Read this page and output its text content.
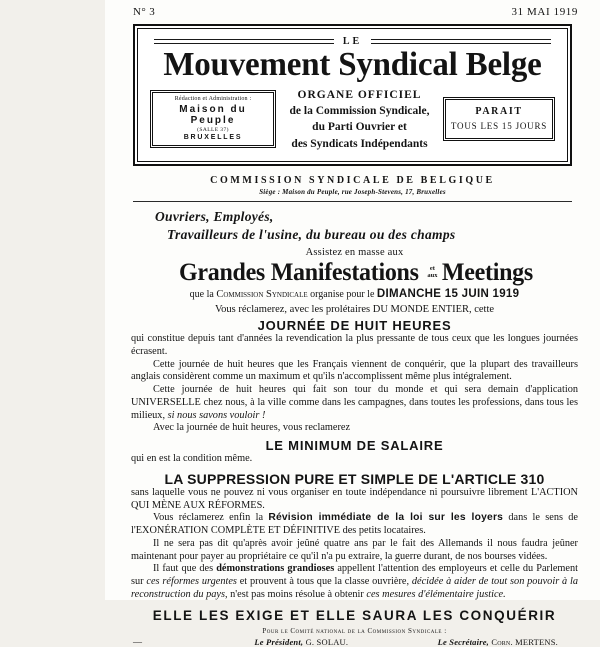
N° 3	31 MAI 1919
LE
Mouvement Syndical Belge
Rédaction et Administration :
Maison du Peuple
(SALLE 37)
BRUXELLES
ORGANE OFFICIEL
de la Commission Syndicale,
du Parti Ouvrier et
des Syndicats Indépendants
PARAIT
TOUS LES 15 JOURS
COMMISSION SYNDICALE DE BELGIQUE
Siège : Maison du Peuple, rue Joseph-Stevens, 17, Bruxelles
Ouvriers, Employés,
Travailleurs de l'usine, du bureau ou des champs
Assistez en masse aux
Grandes Manifestations	et
aux Meetings
que la Commission Syndicale organise pour le DIMANCHE 15 JUIN 1919
Vous réclamerez, avec les prolétaires DU MONDE ENTIER, cette
JOURNÉE DE HUIT HEURES

qui constitue depuis tant d'années la revendication la plus pressante de tous ceux que les longues journées écrasent.

Cette journée de huit heures que les Français viennent de conquérir, que la plupart des travailleurs anglais considèrent comme un maximum et qu'ils n'accomplissent même plus intégralement.

Cette journée de huit heures qui fait son tour du monde et qui sera demain d'application UNIVERSELLE chez nous, à la ville comme dans les campagnes, dans toutes les professions, dans tous les milieux, si nous savons vouloir !

Avec la journée de huit heures, vous reclamerez

LE MINIMUM DE SALAIRE

qui en est la condition même.

LA SUPPRESSION PURE ET SIMPLE DE L'ARTICLE 310

sans laquelle vous ne pouvez ni vous organiser en toute indépendance ni poursuivre librement L'ACTION QUI MÈNE AUX RÉFORMES.

Vous réclamerez enfin la Révision immédiate de la loi sur les loyers dans le sens de l'EXONÉRATION COMPLÈTE ET DÉFINITIVE des petits locataires.

Il ne sera pas dit qu'après avoir jeûné quatre ans par le fait des Allemands il nous faudra jeûner maintenant pour payer au propriétaire ce qu'il n'a pu extraire, la guerre durant, de nos bourses vidées.

Il faut que des démonstrations grandioses appellent l'attention des employeurs et celle du Parlement sur ces réformes urgentes et prouvent à tous que la classe ouvrière, décidée à aider de tout son pouvoir à la reconstruction du pays, n'est pas moins résolue à obtenir ces mesures d'élémentaire justice.

ELLE LES EXIGE ET ELLE SAURA LES CONQUÉRIR
Pour le Comité national de la Commission Syndicale :
—	Le Président, G. SOLAU.	Le Secrétaire, Corn. MERTENS.
